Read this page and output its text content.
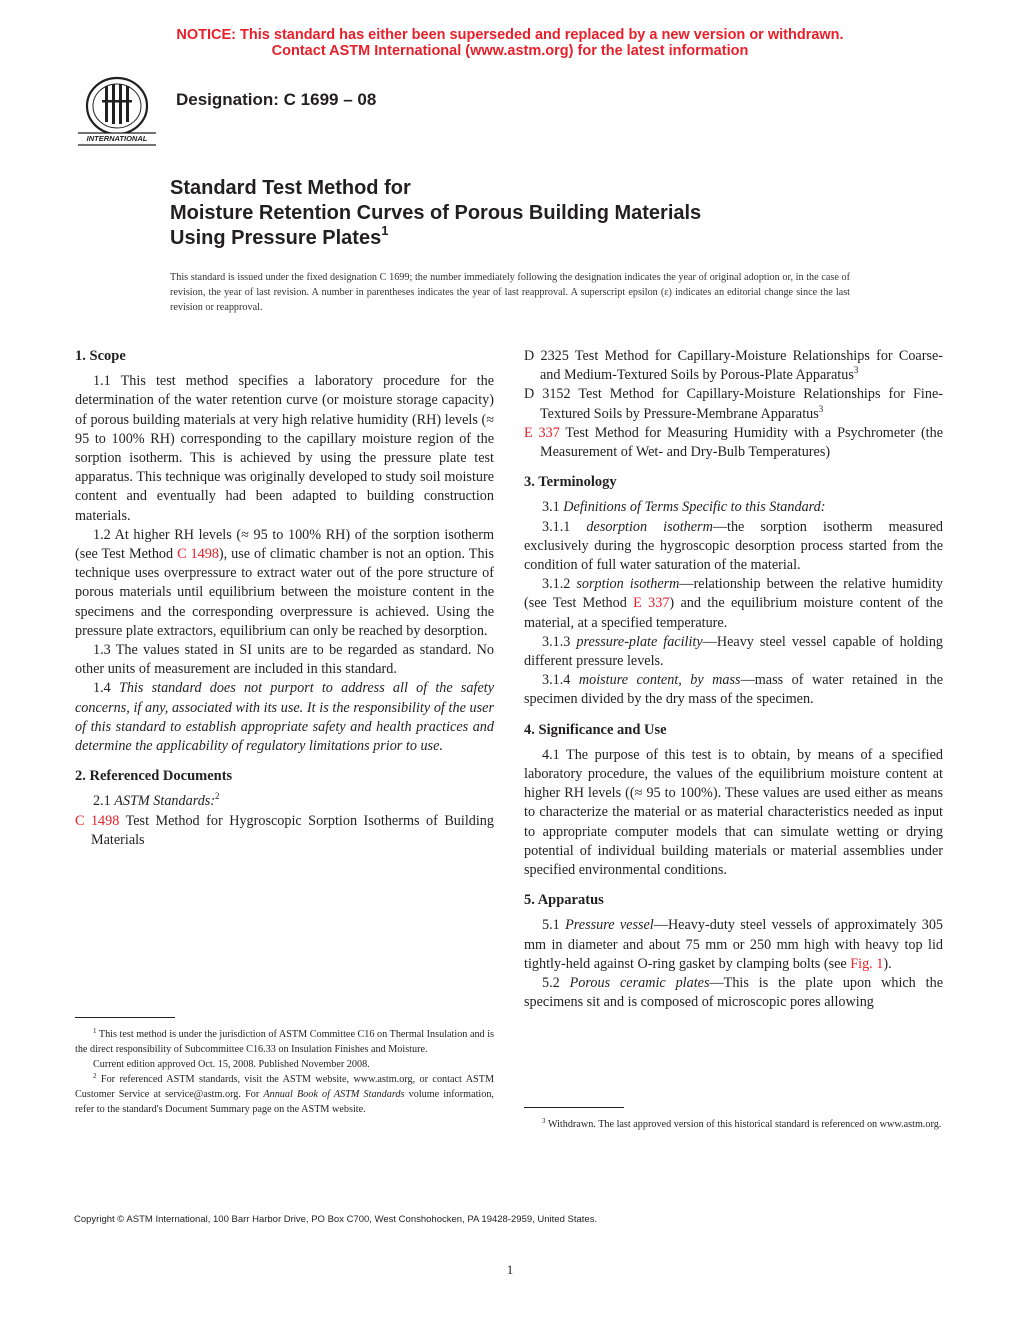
NOTICE: This standard has either been superseded and replaced by a new version or withdrawn.
Contact ASTM International (www.astm.org) for the latest information
INTERNATIONAL
Designation: C 1699 – 08
Standard Test Method for
Moisture Retention Curves of Porous Building Materials
Using Pressure Plates$^1$
This standard is issued under the fixed designation C 1699; the number immediately following the designation indicates the year of original adoption or, in the case of revision, the year of last revision. A number in parentheses indicates the year of last reapproval. A superscript epsilon (ε) indicates an editorial change since the last revision or reapproval.

1. Scope

1.1 This test method specifies a laboratory procedure for the determination of the water retention curve (or moisture storage capacity) of porous building materials at very high relative humidity (RH) levels (≈ 95 to 100% RH) corresponding to the capillary moisture region of the sorption isotherm. This is achieved by using the pressure plate test apparatus. This technique was originally developed to study soil moisture content and eventually had been adapted to building construction materials.

1.2 At higher RH levels (≈ 95 to 100% RH) of the sorption isotherm (see Test Method C 1498), use of climatic chamber is not an option. This technique uses overpressure to extract water out of the pore structure of porous materials until equilibrium between the moisture content in the specimens and the corresponding overpressure is achieved. Using the pressure plate extractors, equilibrium can only be reached by desorption.

1.3 The values stated in SI units are to be regarded as standard. No other units of measurement are included in this standard.

1.4 This standard does not purport to address all of the safety concerns, if any, associated with its use. It is the responsibility of the user of this standard to establish appropriate safety and health practices and determine the applicability of regulatory limitations prior to use.

2. Referenced Documents

2.1 ASTM Standards:$^2$

C 1498 Test Method for Hygroscopic Sorption Isotherms of Building Materials

$^1$ This test method is under the jurisdiction of ASTM Committee C16 on Thermal Insulation and is the direct responsibility of Subcommittee C16.33 on Insulation Finishes and Moisture.

Current edition approved Oct. 15, 2008. Published November 2008.

$^2$ For referenced ASTM standards, visit the ASTM website, www.astm.org, or contact ASTM Customer Service at service@astm.org. For Annual Book of ASTM Standards volume information, refer to the standard's Document Summary page on the ASTM website.

D 2325 Test Method for Capillary-Moisture Relationships for Coarse- and Medium-Textured Soils by Porous-Plate Apparatus$^3$

D 3152 Test Method for Capillary-Moisture Relationships for Fine-Textured Soils by Pressure-Membrane Apparatus$^3$

E 337 Test Method for Measuring Humidity with a Psychrometer (the Measurement of Wet- and Dry-Bulb Temperatures)

3. Terminology

3.1 Definitions of Terms Specific to this Standard:

3.1.1 desorption isotherm—the sorption isotherm measured exclusively during the hygroscopic desorption process started from the condition of full water saturation of the material.

3.1.2 sorption isotherm—relationship between the relative humidity (see Test Method E 337) and the equilibrium moisture content of the material, at a specified temperature.

3.1.3 pressure-plate facility—Heavy steel vessel capable of holding different pressure levels.

3.1.4 moisture content, by mass—mass of water retained in the specimen divided by the dry mass of the specimen.

4. Significance and Use

4.1 The purpose of this test is to obtain, by means of a specified laboratory procedure, the values of the equilibrium moisture content at higher RH levels ((≈ 95 to 100%). These values are used either as means to characterize the material or as material characteristics needed as input to appropriate computer models that can simulate wetting or drying potential of individual building materials or material assemblies under specified environmental conditions.

5. Apparatus

5.1 Pressure vessel—Heavy-duty steel vessels of approximately 305 mm in diameter and about 75 mm or 250 mm high with heavy top lid tightly-held against O-ring gasket by clamping bolts (see Fig. 1).

5.2 Porous ceramic plates—This is the plate upon which the specimens sit and is composed of microscopic pores allowing

$^3$ Withdrawn. The last approved version of this historical standard is referenced on www.astm.org.

Copyright © ASTM International, 100 Barr Harbor Drive, PO Box C700, West Conshohocken, PA 19428-2959, United States.
1
